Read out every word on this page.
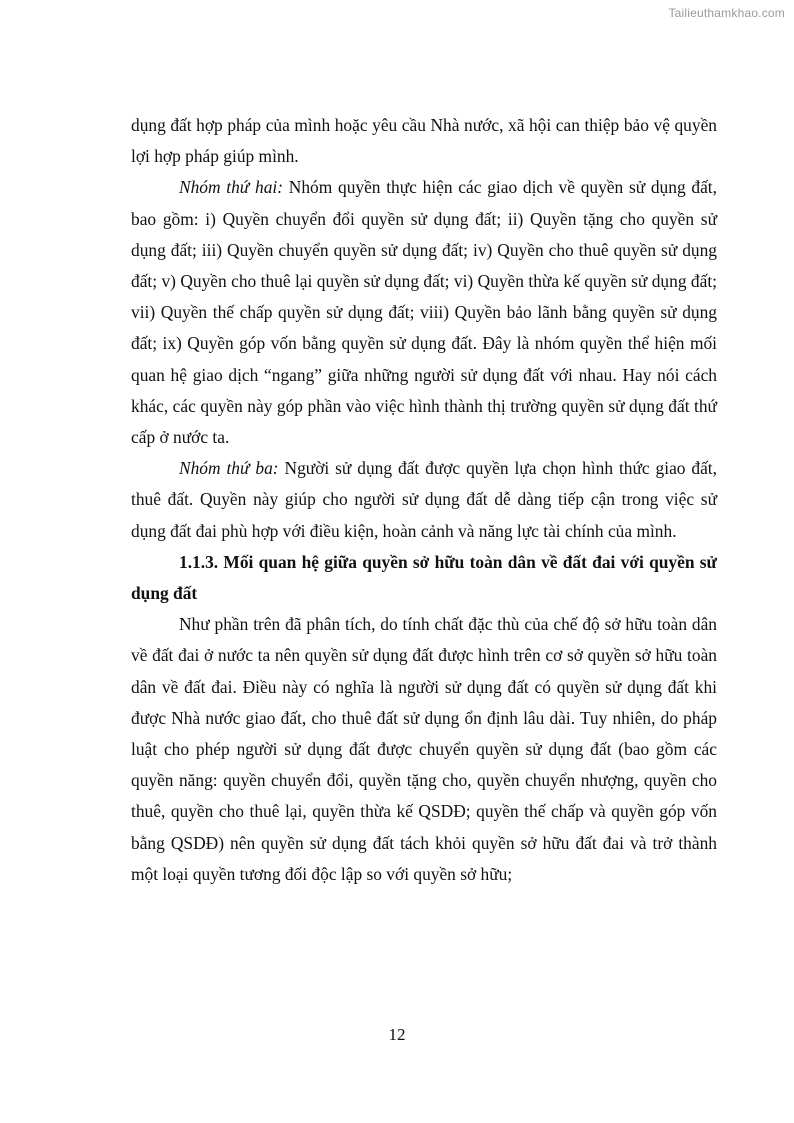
Tailieuthamkhao.com

dụng đất hợp pháp của mình hoặc yêu cầu Nhà nước, xã hội can thiệp bảo vệ quyền lợi hợp pháp giúp mình.

Nhóm thứ hai: Nhóm quyền thực hiện các giao dịch về quyền sử dụng đất, bao gồm: i) Quyền chuyển đổi quyền sử dụng đất; ii) Quyền tặng cho quyền sử dụng đất; iii) Quyền chuyển quyền sử dụng đất; iv) Quyền cho thuê quyền sử dụng đất; v) Quyền cho thuê lại quyền sử dụng đất; vi) Quyền thừa kế quyền sử dụng đất; vii) Quyền thế chấp quyền sử dụng đất; viii) Quyền bảo lãnh bằng quyền sử dụng đất; ix) Quyền góp vốn bằng quyền sử dụng đất. Đây là nhóm quyền thể hiện mối quan hệ giao dịch “ngang” giữa những người sử dụng đất với nhau. Hay nói cách khác, các quyền này góp phần vào việc hình thành thị trường quyền sử dụng đất thứ cấp ở nước ta.

Nhóm thứ ba: Người sử dụng đất được quyền lựa chọn hình thức giao đất, thuê đất. Quyền này giúp cho người sử dụng đất dễ dàng tiếp cận trong việc sử dụng đất đai phù hợp với điều kiện, hoàn cảnh và năng lực tài chính của mình.

1.1.3. Mối quan hệ giữa quyền sở hữu toàn dân về đất đai với quyền sử dụng đất

Như phần trên đã phân tích, do tính chất đặc thù của chế độ sở hữu toàn dân về đất đai ở nước ta nên quyền sử dụng đất được hình trên cơ sở quyền sở hữu toàn dân về đất đai. Điều này có nghĩa là người sử dụng đất có quyền sử dụng đất khi được Nhà nước giao đất, cho thuê đất sử dụng ổn định lâu dài. Tuy nhiên, do pháp luật cho phép người sử dụng đất được chuyển quyền sử dụng đất (bao gồm các quyền năng: quyền chuyển đổi, quyền tặng cho, quyền chuyển nhượng, quyền cho thuê, quyền cho thuê lại, quyền thừa kế QSDĐ; quyền thế chấp và quyền góp vốn bằng QSDĐ) nên quyền sử dụng đất tách khỏi quyền sở hữu đất đai và trở thành một loại quyền tương đối độc lập so với quyền sở hữu;

12
